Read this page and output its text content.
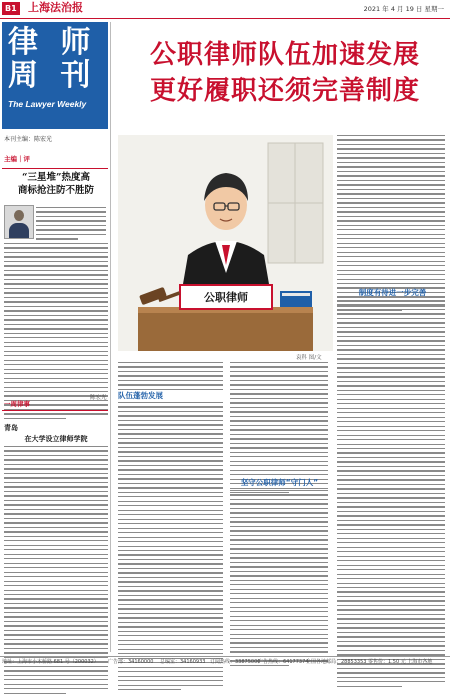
B1 上海法治报	2021 年 4 月 19 日 星期一
律 师
周 刊
The Lawyer Weekly
本刊主编：陈宏光
主编｜评
“三星堆”热度高
商标抢注防不胜防
陈宏光
一周律事
青岛
在大学设立律师学院
公职律师队伍加速发展
更好履职还须完善制度
公职律师
袁科 图/文
制度有待进一步完善
队伍蓬勃发展
坚守公职律师“守门人”
地址：上海市小木桥路 681 号（200032） 广告部：34160000 总编室：34160933 订阅热线：33875000
广告热线：64177374
全国各地邮局：28853353 零售价：1.50 元 上海市各地
